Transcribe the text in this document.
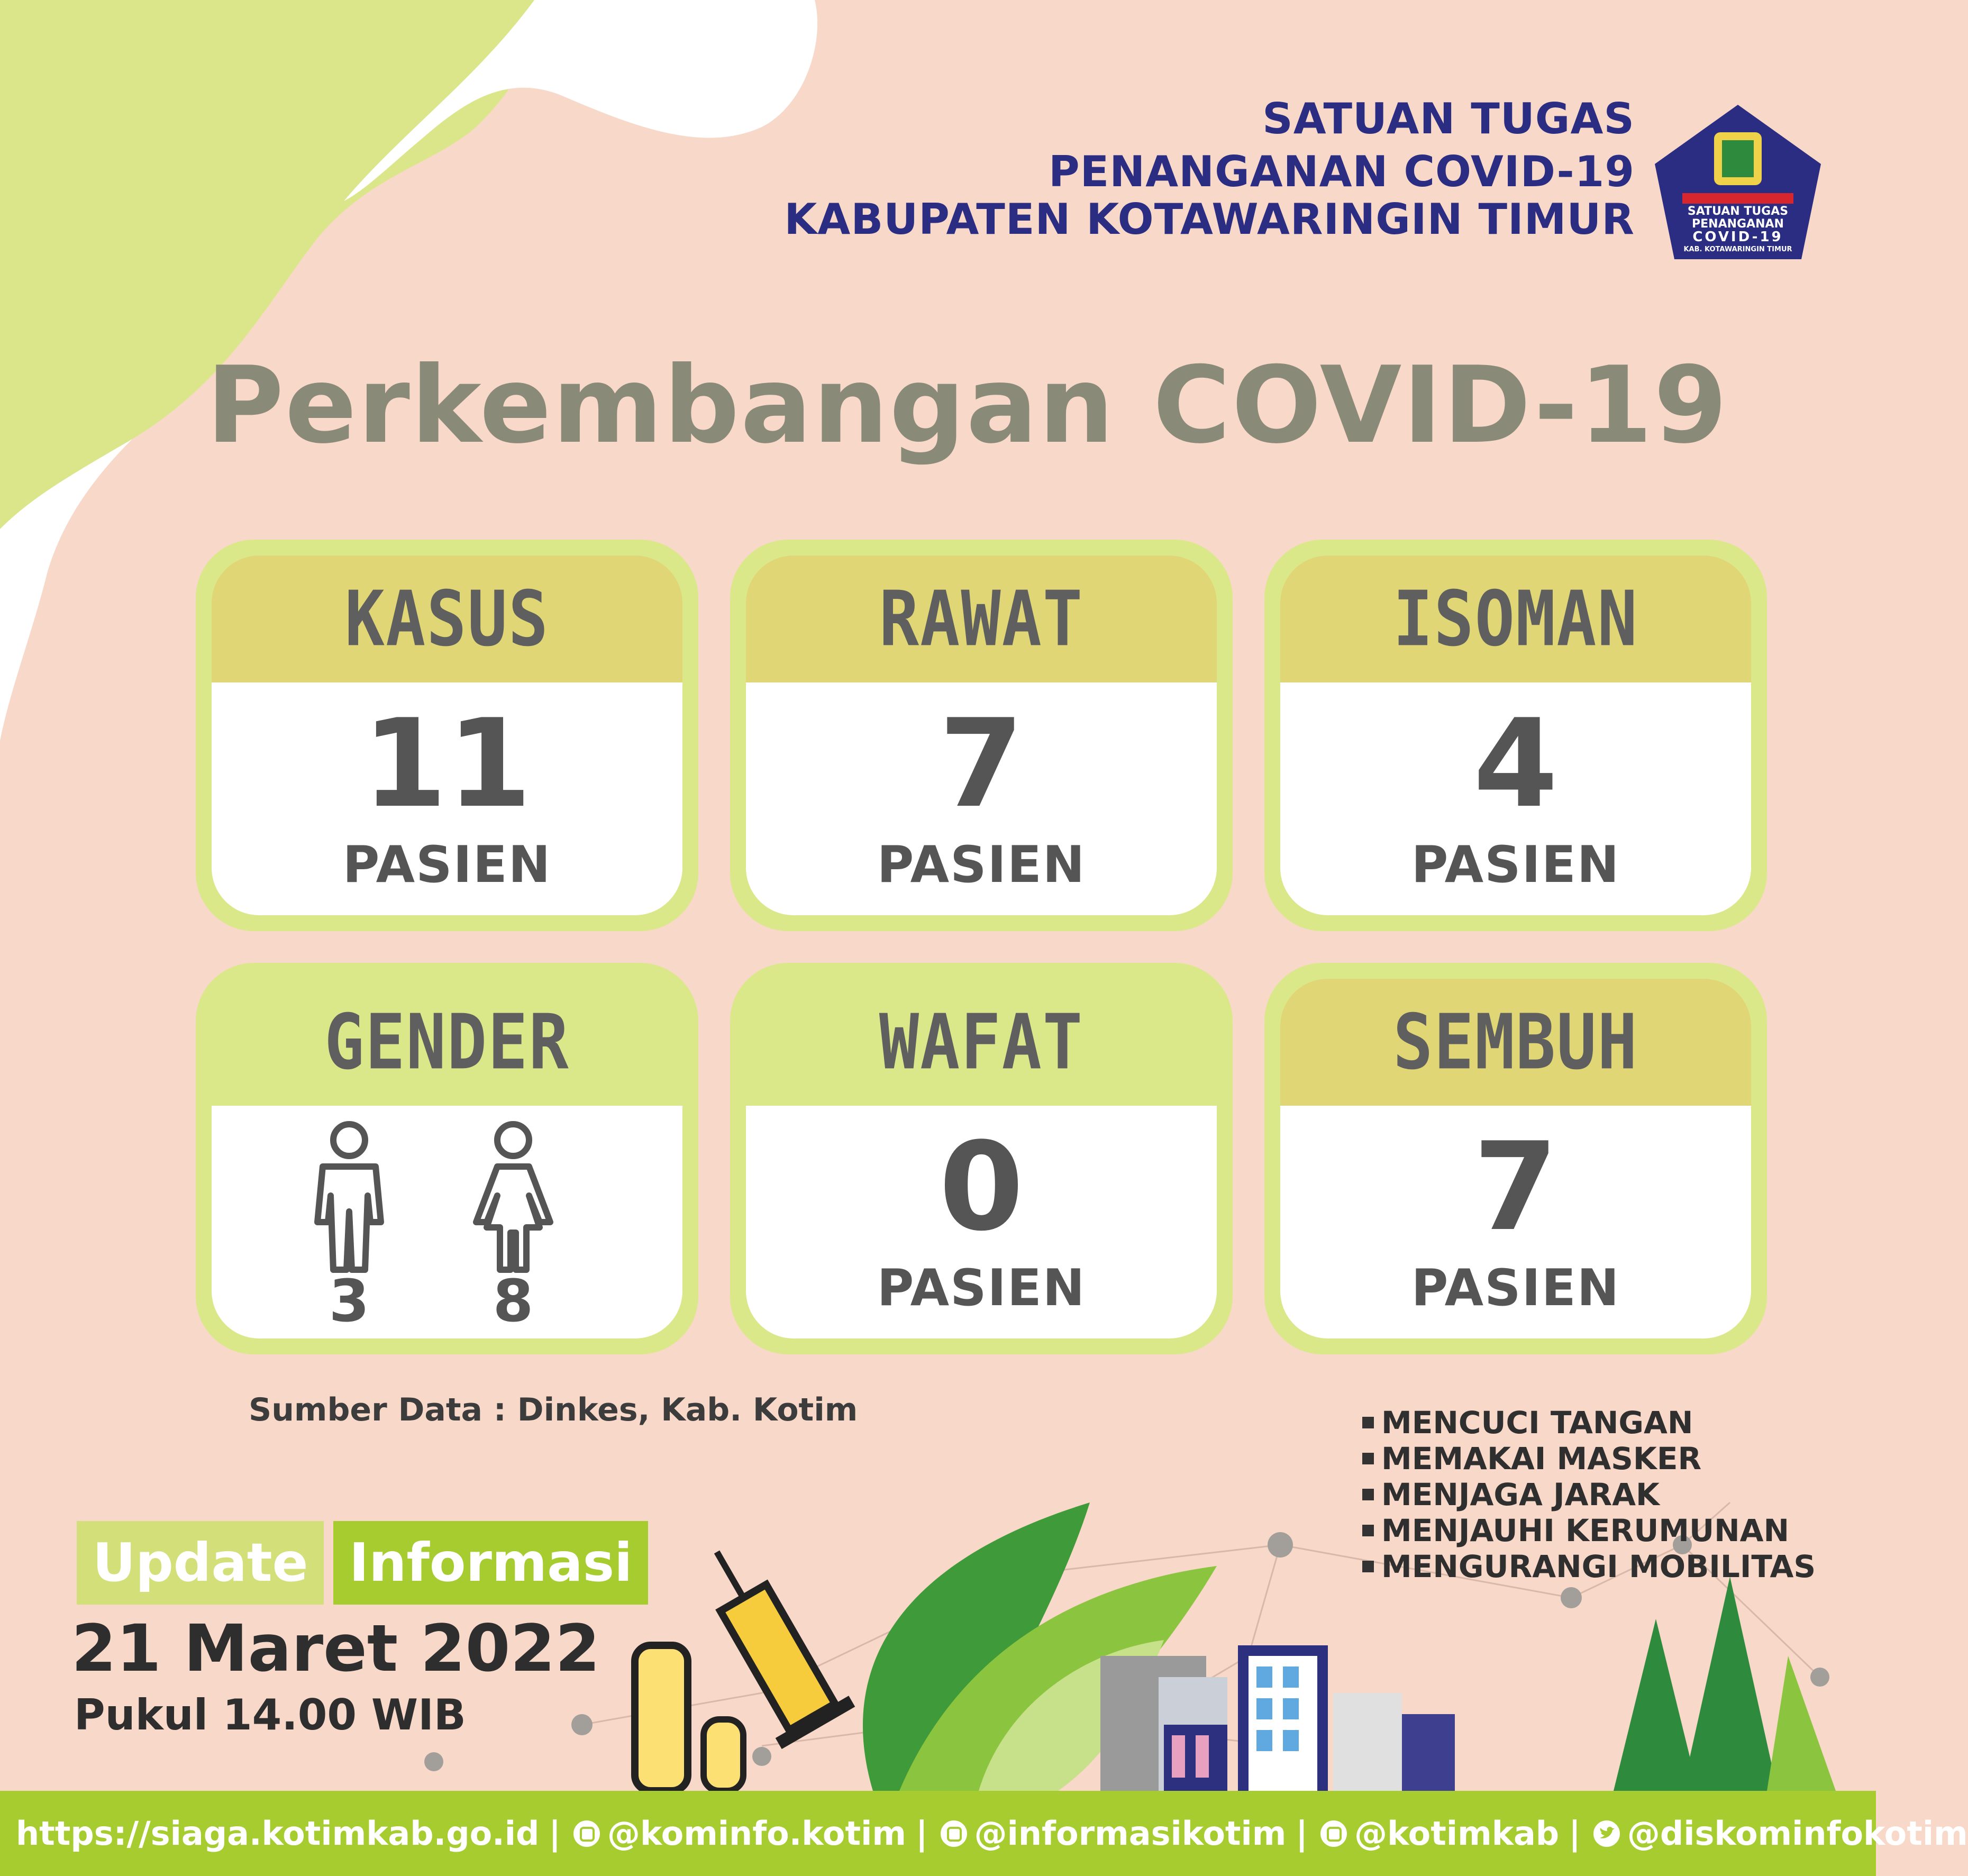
SATUAN TUGAS
PENANGANAN COVID-19
KABUPATEN KOTAWARINGIN TIMUR	SATUAN TUGAS
PENANGANAN
COVID-19
KAB. KOTAWARINGIN TIMUR
Perkembangan COVID-19
KASUS
11
PASIEN
RAWAT
7
PASIEN
ISOMAN
4
PASIEN
GENDER
3 8
WAFAT
0
PASIEN
SEMBUH
7
PASIEN
Sumber Data : Dinkes, Kab. Kotim	MENCUCI TANGAN
MEMAKAI MASKER
MENJAGA JARAK
MENJAUHI KERUMUNAN
MENGURANGI MOBILITAS
Update Informasi
21 Maret 2022
Pukul 14.00 WIB
https://siaga.kotimkab.go.id | @kominfo.kotim | @informasikotim | @kotimkab | @diskominfokotim
